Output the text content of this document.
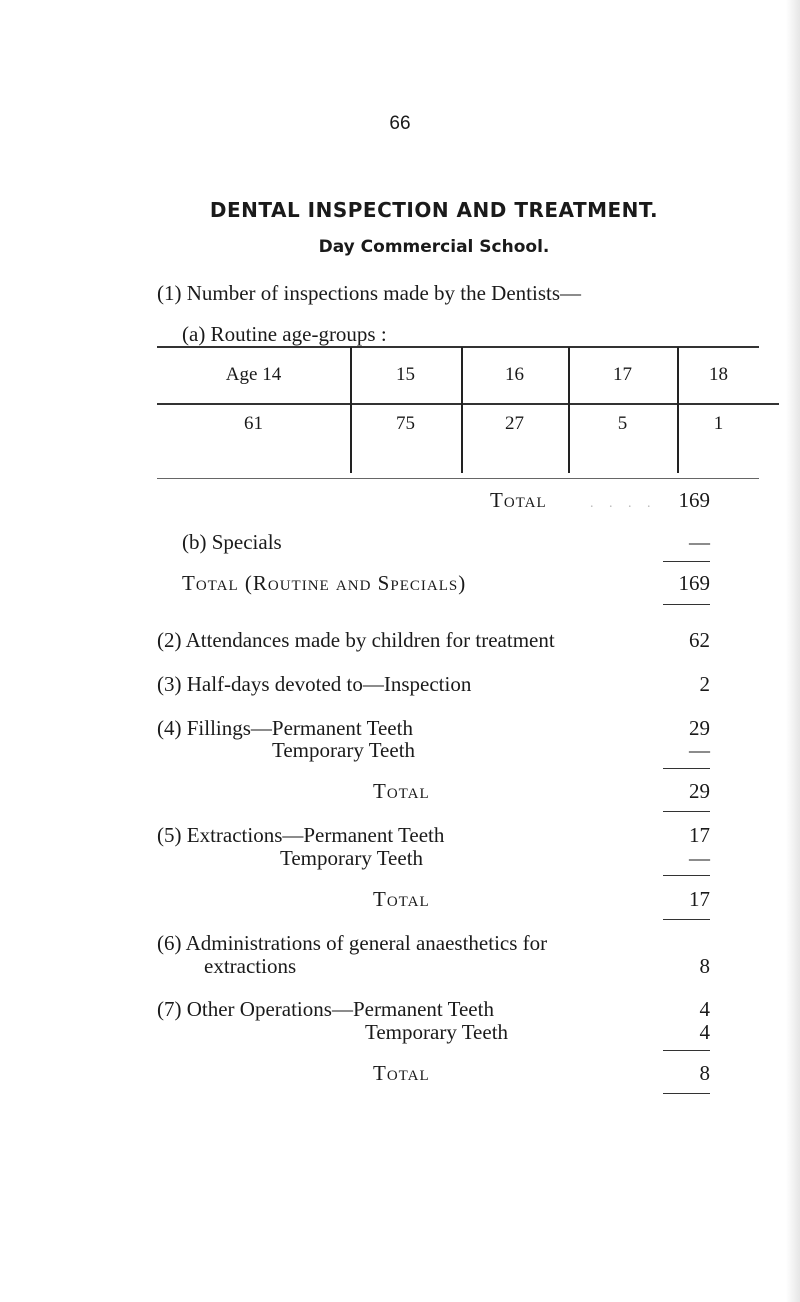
66
DENTAL INSPECTION AND TREATMENT.
Day Commercial School.
(1) Number of inspections made by the Dentists—
(a) Routine age-groups :
Age 14	15	16	17	18
61	75	27	5	1
Total	. . . .	169
(b) Specials	—
Total (Routine and Specials)	169
(2) Attendances made by children for treatment	62
(3) Half-days devoted to—Inspection	2
(4) Fillings—Permanent Teeth	29
Temporary Teeth	—
Total	29
(5) Extractions—Permanent Teeth	17
Temporary Teeth	—
Total	17
(6) Administrations of general anaesthetics for
extractions	8
(7) Other Operations—Permanent Teeth	4
Temporary Teeth	4
Total	8
